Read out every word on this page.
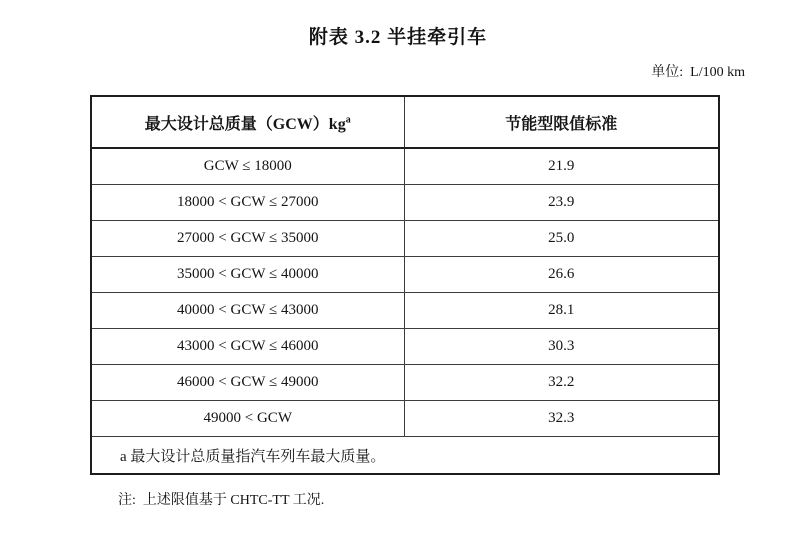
附表 3.2 半挂牵引车
单位:  L/100 km
最大设计总质量$(GCW)kg^a$	节能型限值标准
GCW ≤ 18000	21.9
18000 < GCW ≤ 27000	23.9
27000 < GCW ≤ 35000	25.0
35000 < GCW ≤ 40000	26.6
40000 < GCW ≤ 43000	28.1
43000 < GCW ≤ 46000	30.3
46000 < GCW ≤ 49000	32.2
49000 < GCW	32.3
a 最大设计总质量指汽车列车最大质量。	
注:  上述限值基于 CHTC-TT 工况.
